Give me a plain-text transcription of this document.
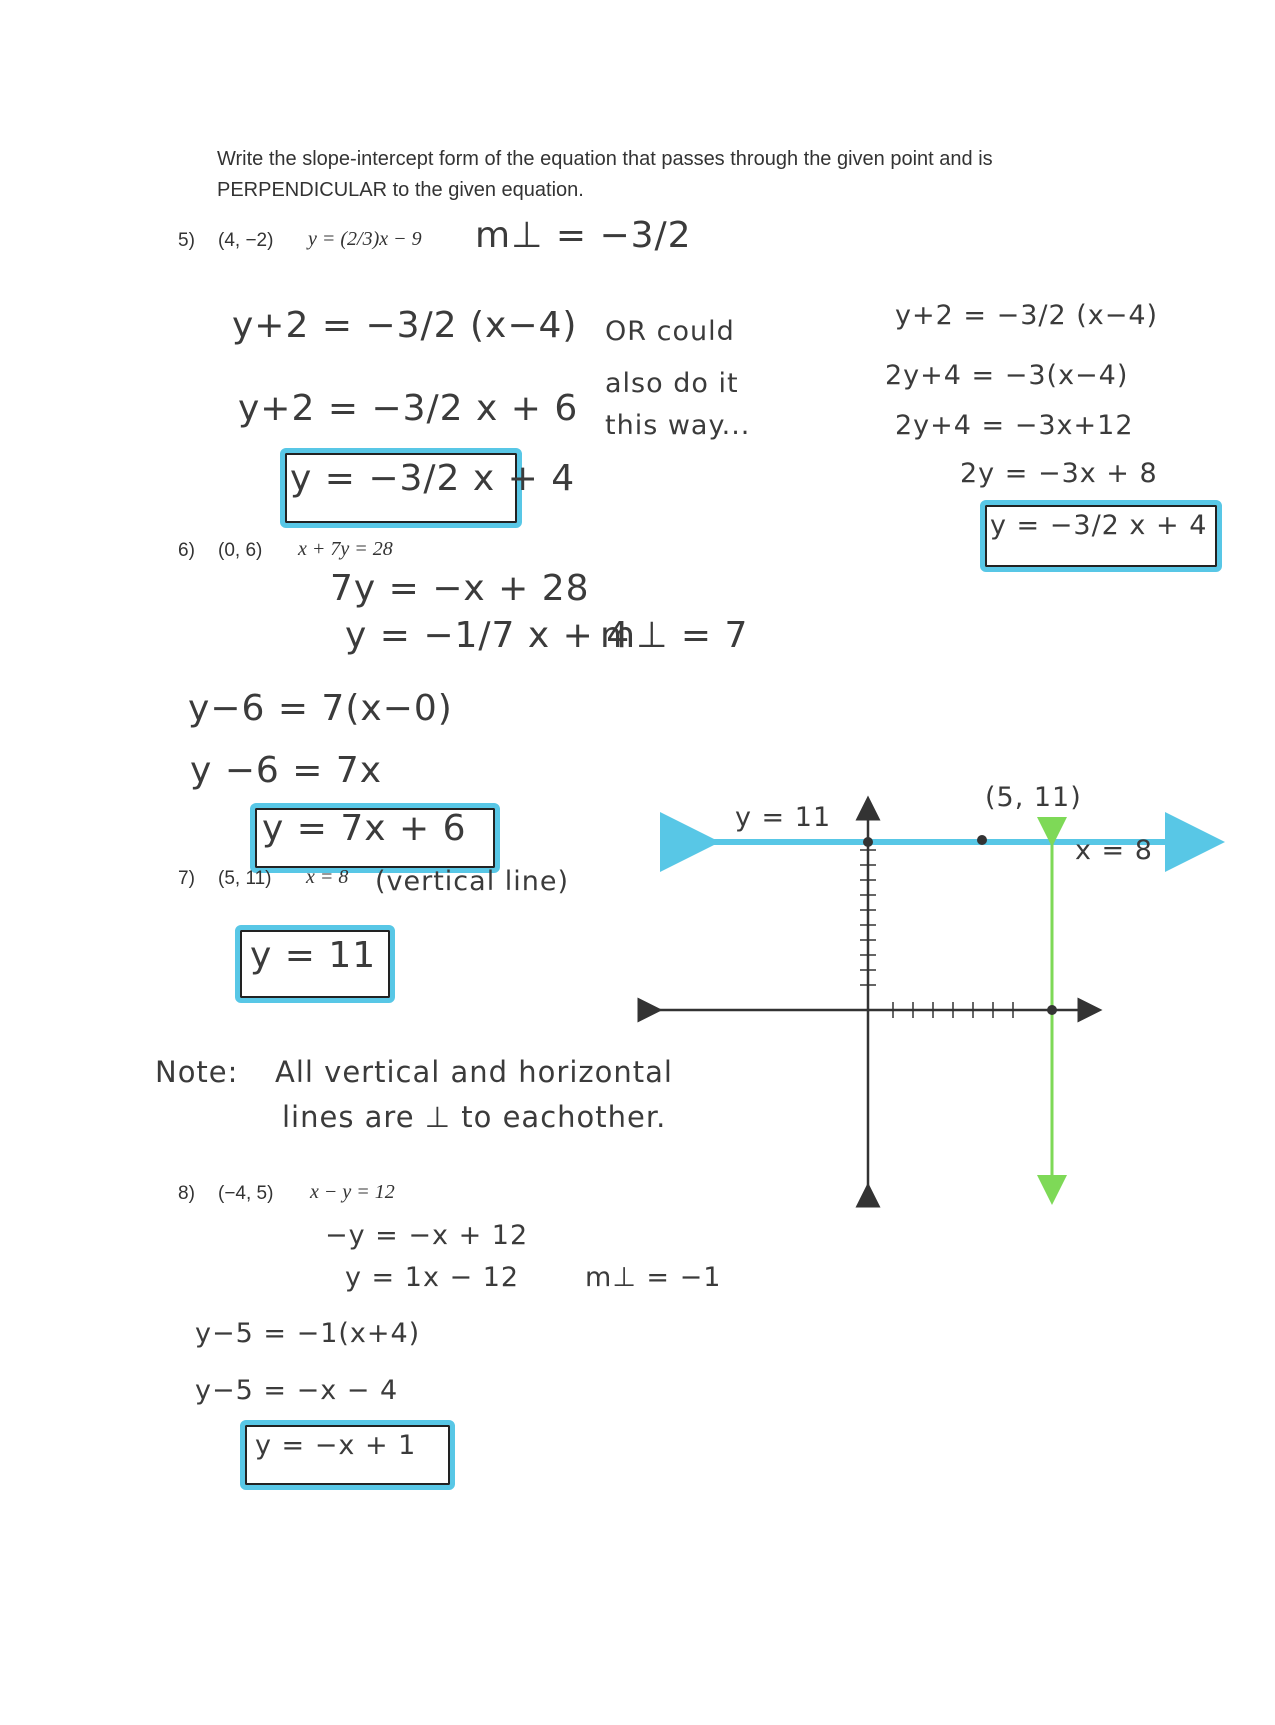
Write the slope-intercept form of the equation that passes through the given point and is
PERPENDICULAR to the given equation.
5) (4, −2) y = (2/3)x − 9 m⊥ = −3/2
y+2 = −3/2 (x−4)
y+2 = −3/2 x + 6
y = −3/2 x + 4
OR could
also do it
this way...
y+2 = −3/2 (x−4)
2y+4 = −3(x−4)
2y+4 = −3x+12
2y = −3x + 8
y = −3/2 x + 4
6) (0, 6) x + 7y = 28
7y = −x + 28
y = −1/7 x + 4
m⊥ = 7
y−6 = 7(x−0)
y −6 = 7x
y = 7x + 6
7) (5, 11) x = 8 (vertical line)
y = 11
Note: All vertical and horizontal
lines are ⊥ to eachother.
8) (−4, 5) x − y = 12
−y = −x + 12
y = 1x − 12 m⊥ = −1
y−5 = −1(x+4)
y−5 = −x − 4
y = −x + 1
y = 11
(5, 11)
x = 8
